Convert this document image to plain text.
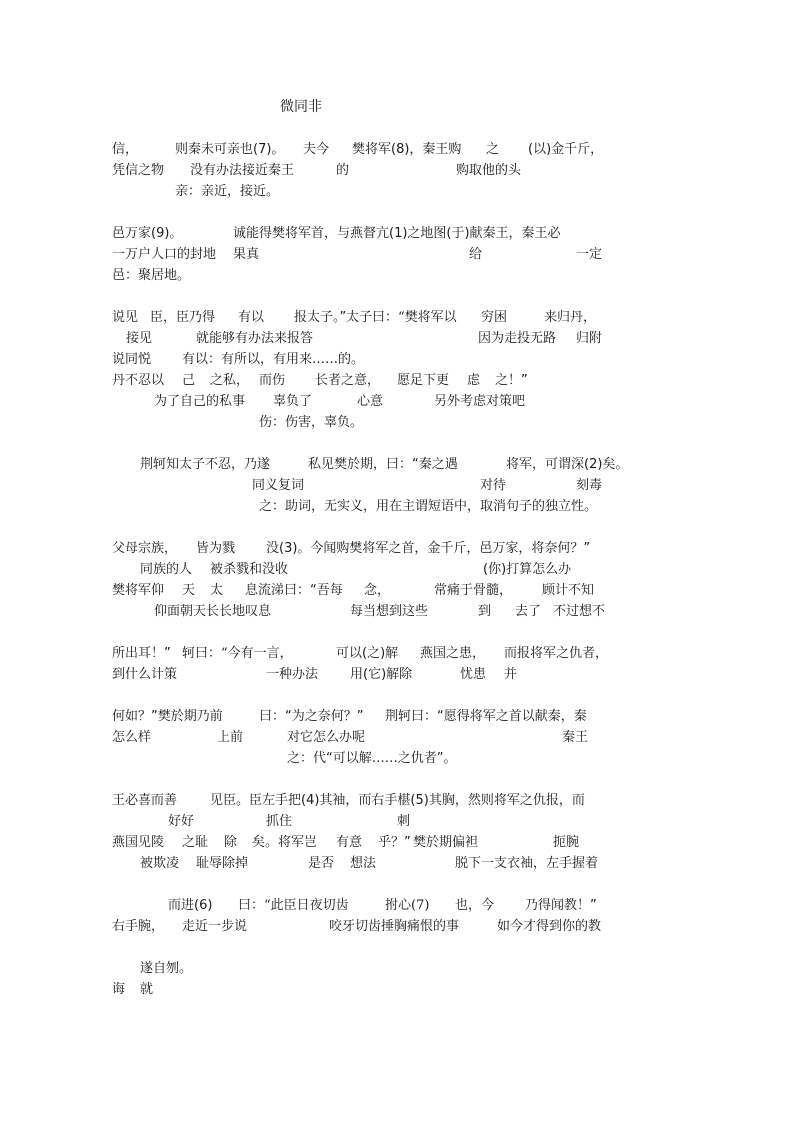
微同非
信，	则秦未可亲也(7)。 夫今 樊将军(8)，秦王购 之 (以)金千斤，
凭信之物 没有办法接近秦王	的	购取他的头
亲：亲近，接近。
邑万家(9)。	诚能得樊将军首，与燕督亢(1)之地图(于)献秦王，秦王必
一万户人口的封地 果真	给	一定
邑：聚居地。
说见 臣，臣乃得 有以 报太子。” 太子曰：“樊将军以 穷困	来归丹，
接见	就能够有办法来报答	因为走投无路 归附
说同悦 有以：有所以，有用来……的。
丹不忍以 己 之私， 而伤 长者之意， 愿足下更 虑 之！”
为了自己的私事 辜负了	心意	另外考虑对策吧
伤：伤害，辜负。
荆轲知太子不忍，乃遂	私见樊於期，曰：“秦之遇	将军，可谓深(2)矣。
同义复词	对待	刻毒
之：助词，无实义，用在主谓短语中，取消句子的独立性。
父母宗族， 皆为戮 没(3)。今闻购樊将军之首，金千斤，邑万家，将奈何？”
同族的人 被杀戮和没收	(你)打算怎么办
樊将军仰 天 太 息流涕曰：“吾每 念，	常痛于骨髓， 顾计不知
仰面朝天长长地叹息	每当想到这些	到 去了 不过想不
所出耳！” 轲曰：“今有一言，	可以(之)解 燕国之患， 而报将军之仇者，
到什么计策	一种办法 用(它)解除	忧患 并
何如？”樊於期乃前	曰：“为之奈何？” 荆轲曰：“愿得将军之首以献秦，秦
怎么样	上前	对它怎么办呢	秦王
之：代“可以解……之仇者”。
王必喜而善	见臣。臣左手把(4)其袖，而右手椹(5)其胸，然则将军之仇报，而
好好	抓住	刺
燕国见陵 之耻 除 矣。将军岂 有意 乎？” 樊於期偏袒	扼腕
被欺凌 耻辱除掉	是否 想法	脱下一支衣袖，左手握着
而进(6) 曰：“此臣日夜切齿	拊心(7) 也，今 乃得闻教！”
右手腕， 走近一步说	咬牙切齿捶胸痛恨的事	如今才得到你的教
遂自刎。
诲 就
